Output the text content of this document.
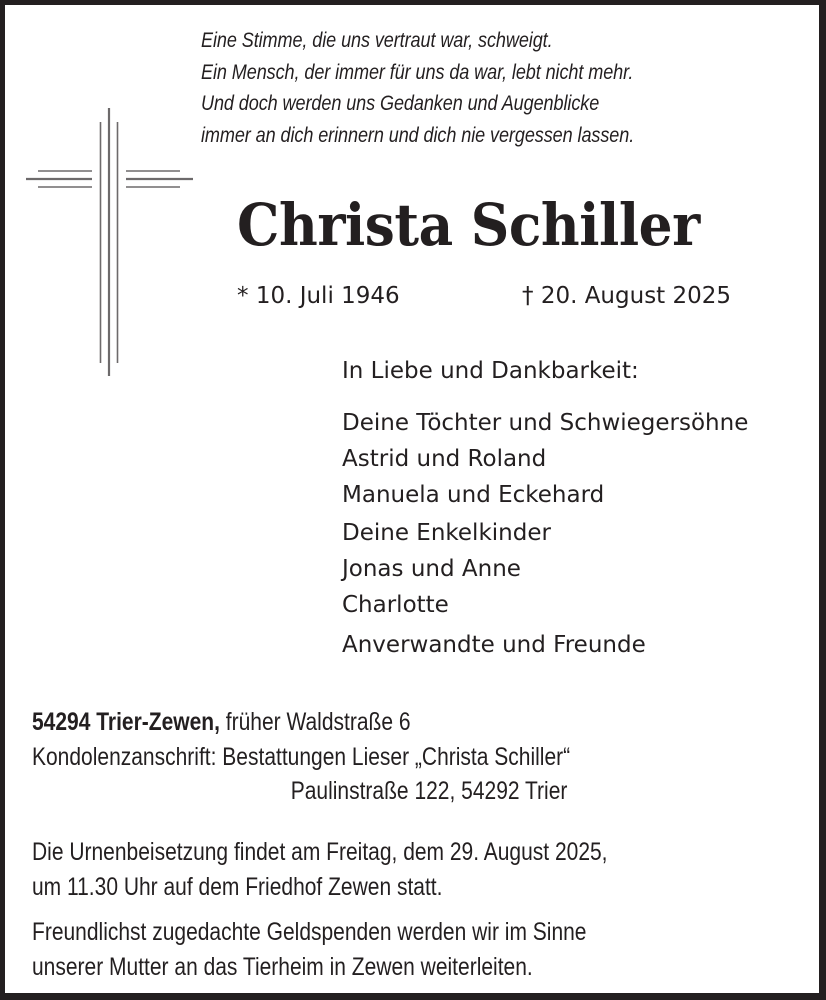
Eine Stimme, die uns vertraut war, schweigt.
Ein Mensch, der immer für uns da war, lebt nicht mehr.
Und doch werden uns Gedanken und Augenblicke
immer an dich erinnern und dich nie vergessen lassen.
Christa Schiller
* 10. Juli 1946	† 20. August 2025
In Liebe und Dankbarkeit:
Deine Töchter und Schwiegersöhne
Astrid und Roland
Manuela und Eckehard
Deine Enkelkinder
Jonas und Anne
Charlotte
Anverwandte und Freunde
54294 Trier-Zewen, früher Waldstraße 6
Kondolenzanschrift: Bestattungen Lieser „Christa Schiller“
Paulinstraße 122, 54292 Trier
Die Urnenbeisetzung findet am Freitag, dem 29. August 2025,
um 11.30 Uhr auf dem Friedhof Zewen statt.
Freundlichst zugedachte Geldspenden werden wir im Sinne
unserer Mutter an das Tierheim in Zewen weiterleiten.
